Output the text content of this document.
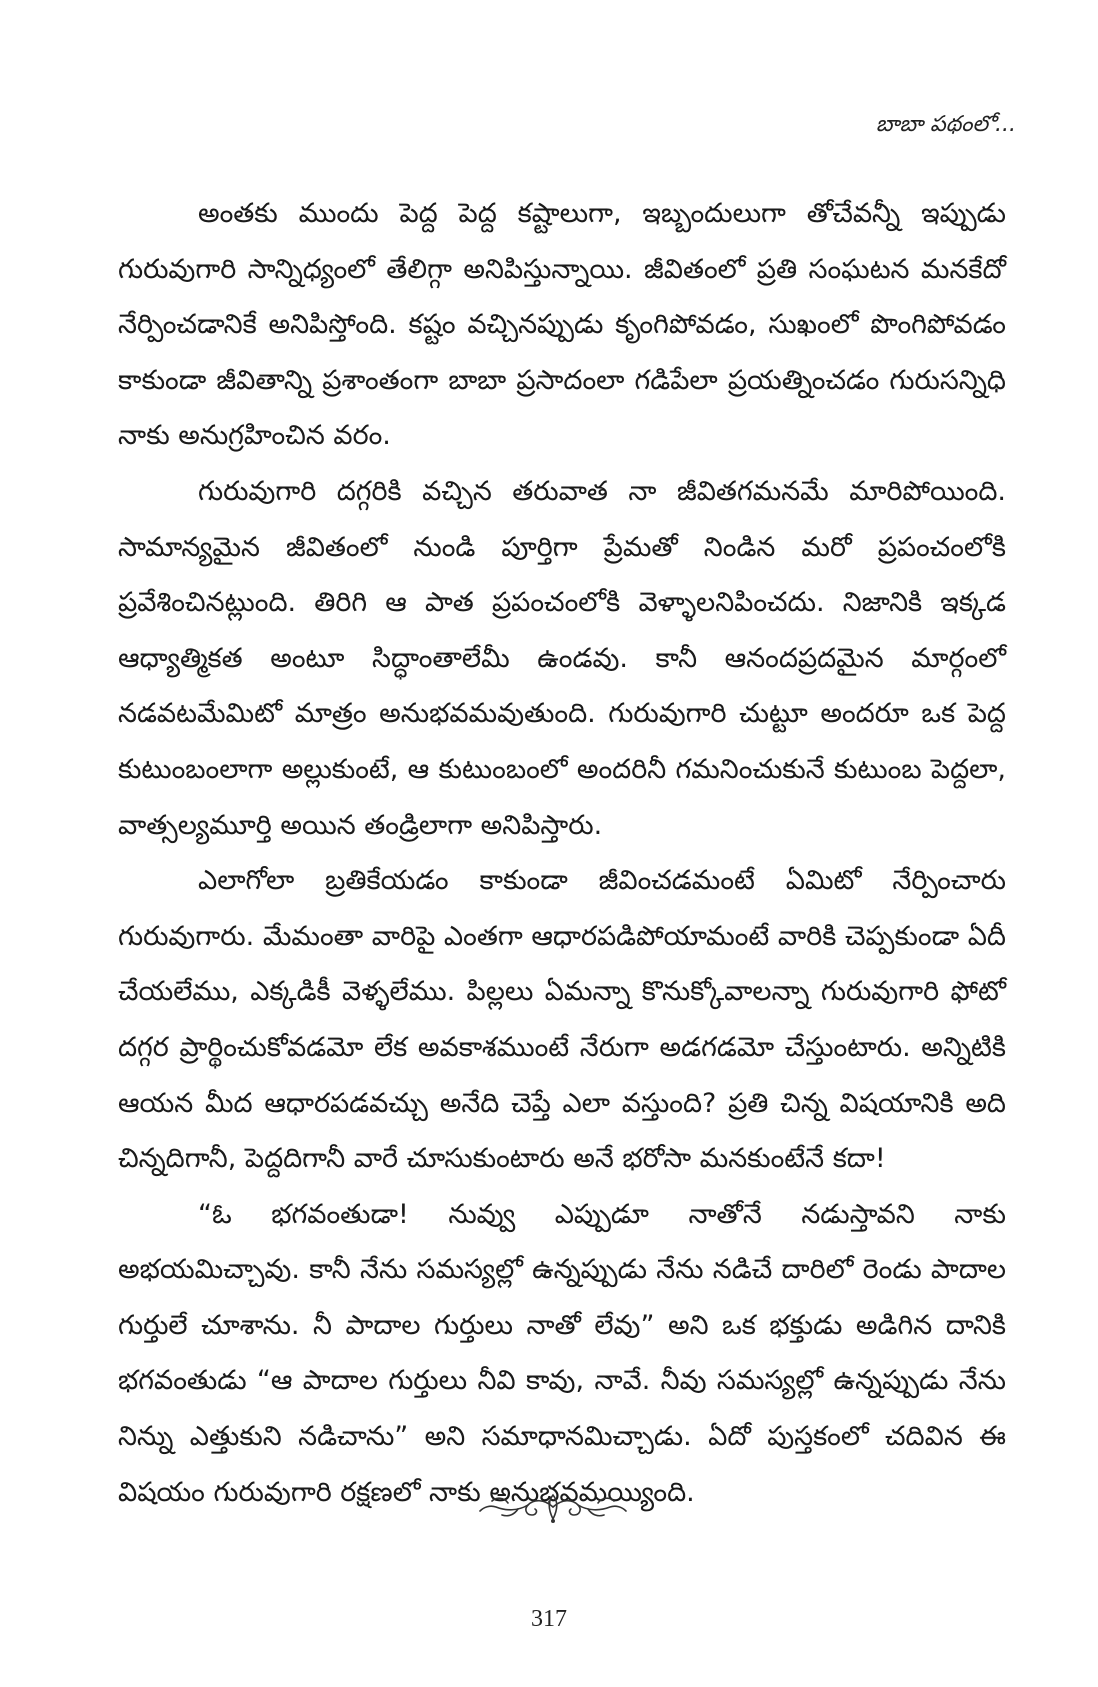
బాబా పథంలో...

అంతకు ముందు పెద్ద పెద్ద కష్టాలుగా, ఇబ్బందులుగా తోచేవన్నీ ఇప్పుడు గురువుగారి సాన్నిధ్యంలో తేలిగ్గా అనిపిస్తున్నాయి. జీవితంలో ప్రతి సంఘటన మనకేదో నేర్పించడానికే అనిపిస్తోంది. కష్టం వచ్చినప్పుడు కృంగిపోవడం, సుఖంలో పొంగిపోవడం కాకుండా జీవితాన్ని ప్రశాంతంగా బాబా ప్రసాదంలా గడిపేలా ప్రయత్నించడం గురుసన్నిధి నాకు అనుగ్రహించిన వరం.

గురువుగారి దగ్గరికి వచ్చిన తరువాత నా జీవితగమనమే మారిపోయింది. సామాన్యమైన జీవితంలో నుండి పూర్తిగా ప్రేమతో నిండిన మరో ప్రపంచంలోకి ప్రవేశించినట్లుంది. తిరిగి ఆ పాత ప్రపంచంలోకి వెళ్ళాలనిపించదు. నిజానికి ఇక్కడ ఆధ్యాత్మికత అంటూ సిద్ధాంతాలేమీ ఉండవు. కానీ ఆనందప్రదమైన మార్గంలో నడవటమేమిటో మాత్రం అనుభవమవుతుంది. గురువుగారి చుట్టూ అందరూ ఒక పెద్ద కుటుంబంలాగా అల్లుకుంటే, ఆ కుటుంబంలో అందరినీ గమనించుకునే కుటుంబ పెద్దలా, వాత్సల్యమూర్తి అయిన తండ్రిలాగా అనిపిస్తారు.

ఎలాగోలా బ్రతికేయడం కాకుండా జీవించడమంటే ఏమిటో నేర్పించారు గురువుగారు. మేమంతా వారిపై ఎంతగా ఆధారపడిపోయామంటే వారికి చెప్పకుండా ఏదీ చేయలేము, ఎక్కడికీ వెళ్ళలేము. పిల్లలు ఏమన్నా కొనుక్కోవాలన్నా గురువుగారి ఫోటో దగ్గర ప్రార్థించుకోవడమో లేక అవకాశముంటే నేరుగా అడగడమో చేస్తుంటారు. అన్నిటికి ఆయన మీద ఆధారపడవచ్చు అనేది చెప్తే ఎలా వస్తుంది? ప్రతి చిన్న విషయానికి అది చిన్నదిగానీ, పెద్దదిగానీ వారే చూసుకుంటారు అనే భరోసా మనకుంటేనే కదా!

“ఓ భగవంతుడా! నువ్వు ఎప్పుడూ నాతోనే నడుస్తావని నాకు అభయమిచ్చావు. కానీ నేను సమస్యల్లో ఉన్నప్పుడు నేను నడిచే దారిలో రెండు పాదాల గుర్తులే చూశాను. నీ పాదాల గుర్తులు నాతో లేవు” అని ఒక భక్తుడు అడిగిన దానికి భగవంతుడు “ఆ పాదాల గుర్తులు నీవి కావు, నావే. నీవు సమస్యల్లో ఉన్నప్పుడు నేను నిన్ను ఎత్తుకుని నడిచాను” అని సమాధానమిచ్చాడు. ఏదో పుస్తకంలో చదివిన ఈ విషయం గురువుగారి రక్షణలో నాకు అనుభవమయ్యింది.

317
